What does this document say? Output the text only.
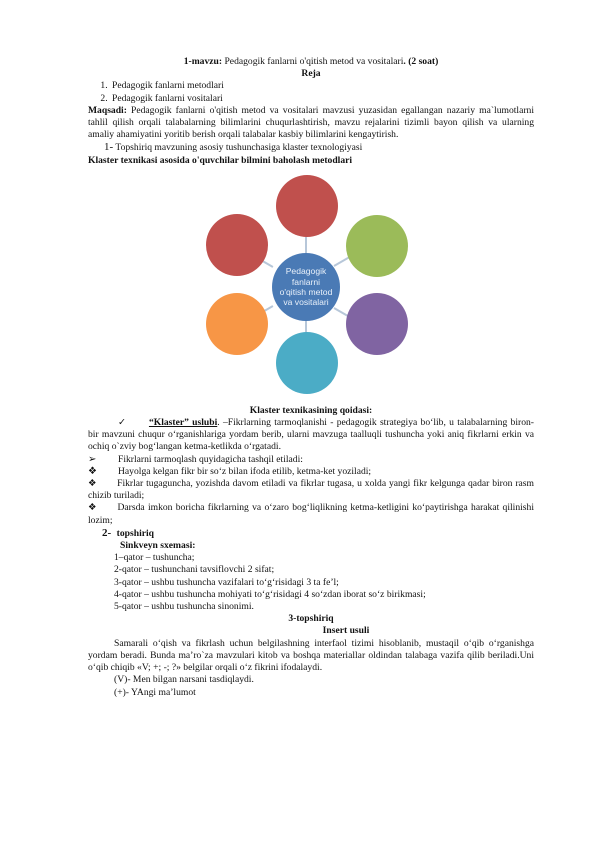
1-mavzu: Pedagogik fanlarni o'qitish metod va vositalari. (2 soat)

Reja

1. Pedagogik fanlarni metodlari
2. Pedagogik fanlarni vositalari

Maqsadi: Pedagogik fanlarni o'qitish metod va vositalari mavzusi yuzasidan egallangan nazariy ma`lumotlarni tahlil qilish orqali talabalarning bilimlarini chuqurlashtirish, mavzu rejalarini tizimli bayon qilish va ularning amaliy ahamiyatini yoritib berish orqali talabalar kasbiy bilimlarini kengaytirish.

1- Topshiriq mavzuning asosiy tushunchasiga klaster texnologiyasi

Klaster texnikasi asosida o'quvchilar bilmini baholash metodlari

Pedagogik fanlarni o'qitish metod va vositalari

Klaster texnikasining qoidasi:

✓ “Klaster” uslubi. –Fikrlarning tarmoqlanishi - pedagogik strategiya bo‘lib, u talabalarning biron-bir mavzuni chuqur o‘rganishlariga yordam berib, ularni mavzuga taalluqli tushuncha yoki aniq fikrlarni erkin va ochiq o`zviy bog‘langan ketma-ketlikda o‘rgatadi.

➢	Fikrlarni tarmoqlash quyidagicha tashqil etiladi:
❖	Hayolga kelgan fikr bir so‘z bilan ifoda etilib, ketma-ket yoziladi;

❖ Fikrlar tugaguncha, yozishda davom etiladi va fikrlar tugasa, u xolda yangi fikr kelgunga qadar biron rasm chizib turiladi;

❖ Darsda imkon boricha fikrlarning va o‘zaro bog‘liqlikning ketma-ketligini ko‘paytirishga harakat qilinishi lozim;

2- topshiriq

Sinkveyn sxemasi:

1–qator – tushuncha;

2-qator – tushunchani tavsiflovchi 2 sifat;

3-qator – ushbu tushuncha vazifalari to‘g‘risidagi 3 ta fe’l;

4-qator – ushbu tushuncha mohiyati to‘g‘risidagi 4 so‘zdan iborat so‘z birikmasi;

5-qator – ushbu tushuncha sinonimi.

3-topshiriq

Insert usuli

Samarali o‘qish va fikrlash uchun belgilashning interfaol tizimi hisoblanib, mustaqil o‘qib o‘rganishga yordam beradi. Bunda ma’ro`za mavzulari kitob va boshqa materiallar oldindan talabaga vazifa qilib beriladi.Uni o‘qib chiqib «V; +; -; ?» belgilar orqali o‘z fikrini ifodalaydi.

(V)- Men bilgan narsani tasdiqlaydi.

(+)- YAngi ma’lumot
